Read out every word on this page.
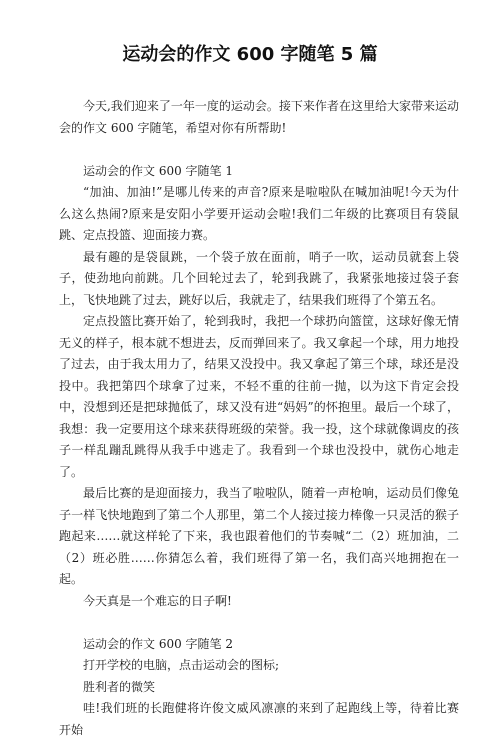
运动会的作文 600 字随笔 5 篇

今天,我们迎来了一年一度的运动会。接下来作者在这里给大家带来运动会的作文 600 字随笔，希望对你有所帮助!

运动会的作文 600 字随笔 1

“加油、加油!”是哪儿传来的声音?原来是啦啦队在喊加油呢!今天为什么这么热闹?原来是安阳小学要开运动会啦!我们二年级的比赛项目有袋鼠跳、定点投篮、迎面接力赛。

最有趣的是袋鼠跳，一个袋子放在面前，哨子一吹，运动员就套上袋子，使劲地向前跳。几个回轮过去了，轮到我跳了，我紧张地接过袋子套上，飞快地跳了过去，跳好以后，我就走了，结果我们班得了个第五名。

定点投篮比赛开始了，轮到我时，我把一个球扔向篮筐，这球好像无情无义的样子，根本就不想进去，反而弹回来了。我又拿起一个球，用力地投了过去，由于我太用力了，结果又没投中。我又拿起了第三个球，球还是没投中。我把第四个球拿了过来，不轻不重的往前一抛，以为这下肯定会投中，没想到还是把球抛低了，球又没有进“妈妈”的怀抱里。最后一个球了，我想：我一定要用这个球来获得班级的荣誉。我一投，这个球就像调皮的孩子一样乱蹦乱跳得从我手中逃走了。我看到一个球也没投中，就伤心地走了。

最后比赛的是迎面接力，我当了啦啦队，随着一声枪响，运动员们像兔子一样飞快地跑到了第二个人那里，第二个人接过接力棒像一只灵活的猴子跑起来……就这样轮了下来，我也跟着他们的节奏喊“二（2）班加油，二（2）班必胜……你猜怎么着，我们班得了第一名，我们高兴地拥抱在一起。

今天真是一个难忘的日子啊!

运动会的作文 600 字随笔 2

打开学校的电脑，点击运动会的图标;

胜利者的微笑

哇!我们班的长跑健将许俊文威风凛凛的来到了起跑线上等，待着比赛开始
